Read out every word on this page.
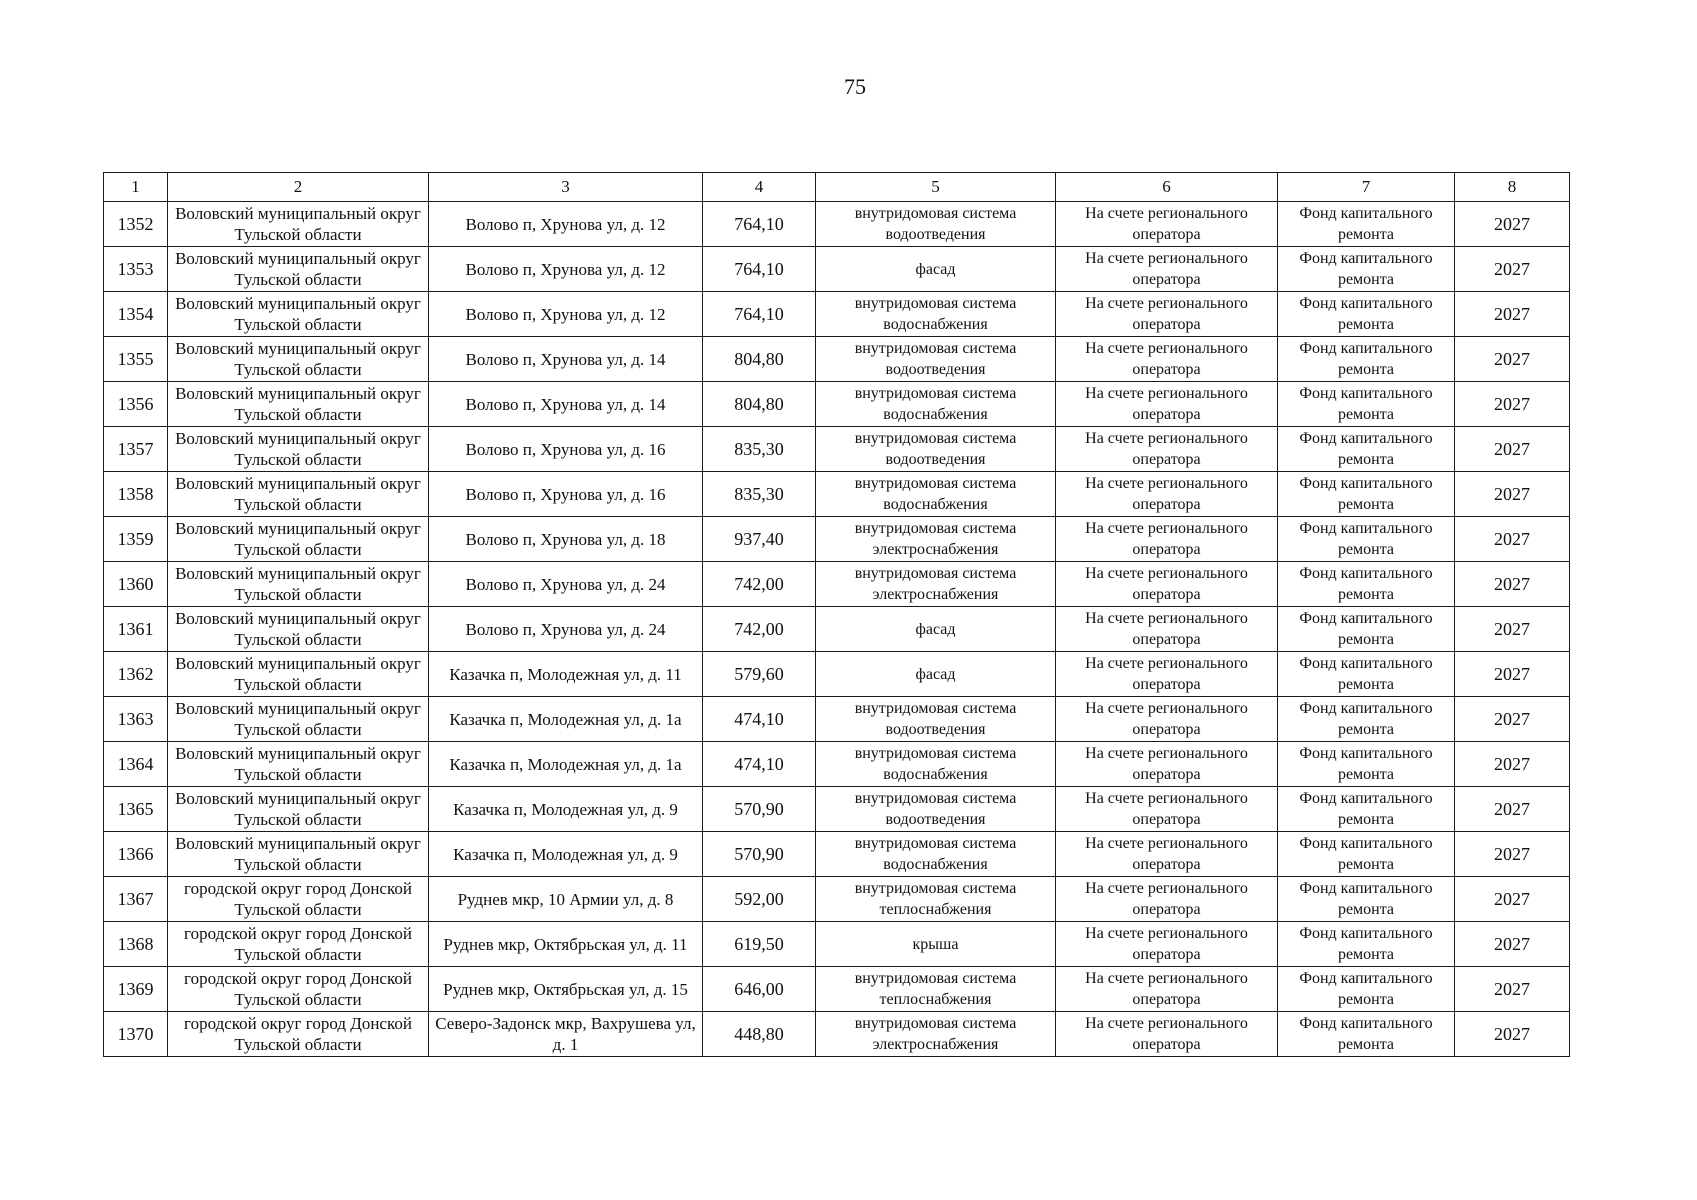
75
1	2	3	4	5	6	7	8
1352	Воловский муниципальный округ Тульской области	Волово п, Хрунова ул, д. 12	764,10	внутридомовая система водоотведения	На счете регионального оператора	Фонд капитального ремонта	2027
1353	Воловский муниципальный округ Тульской области	Волово п, Хрунова ул, д. 12	764,10	фасад	На счете регионального оператора	Фонд капитального ремонта	2027
1354	Воловский муниципальный округ Тульской области	Волово п, Хрунова ул, д. 12	764,10	внутридомовая система водоснабжения	На счете регионального оператора	Фонд капитального ремонта	2027
1355	Воловский муниципальный округ Тульской области	Волово п, Хрунова ул, д. 14	804,80	внутридомовая система водоотведения	На счете регионального оператора	Фонд капитального ремонта	2027
1356	Воловский муниципальный округ Тульской области	Волово п, Хрунова ул, д. 14	804,80	внутридомовая система водоснабжения	На счете регионального оператора	Фонд капитального ремонта	2027
1357	Воловский муниципальный округ Тульской области	Волово п, Хрунова ул, д. 16	835,30	внутридомовая система водоотведения	На счете регионального оператора	Фонд капитального ремонта	2027
1358	Воловский муниципальный округ Тульской области	Волово п, Хрунова ул, д. 16	835,30	внутридомовая система водоснабжения	На счете регионального оператора	Фонд капитального ремонта	2027
1359	Воловский муниципальный округ Тульской области	Волово п, Хрунова ул, д. 18	937,40	внутридомовая система электроснабжения	На счете регионального оператора	Фонд капитального ремонта	2027
1360	Воловский муниципальный округ Тульской области	Волово п, Хрунова ул, д. 24	742,00	внутридомовая система электроснабжения	На счете регионального оператора	Фонд капитального ремонта	2027
1361	Воловский муниципальный округ Тульской области	Волово п, Хрунова ул, д. 24	742,00	фасад	На счете регионального оператора	Фонд капитального ремонта	2027
1362	Воловский муниципальный округ Тульской области	Казачка п, Молодежная ул, д. 11	579,60	фасад	На счете регионального оператора	Фонд капитального ремонта	2027
1363	Воловский муниципальный округ Тульской области	Казачка п, Молодежная ул, д. 1а	474,10	внутридомовая система водоотведения	На счете регионального оператора	Фонд капитального ремонта	2027
1364	Воловский муниципальный округ Тульской области	Казачка п, Молодежная ул, д. 1а	474,10	внутридомовая система водоснабжения	На счете регионального оператора	Фонд капитального ремонта	2027
1365	Воловский муниципальный округ Тульской области	Казачка п, Молодежная ул, д. 9	570,90	внутридомовая система водоотведения	На счете регионального оператора	Фонд капитального ремонта	2027
1366	Воловский муниципальный округ Тульской области	Казачка п, Молодежная ул, д. 9	570,90	внутридомовая система водоснабжения	На счете регионального оператора	Фонд капитального ремонта	2027
1367	городской округ город Донской Тульской области	Руднев мкр, 10 Армии ул, д. 8	592,00	внутридомовая система теплоснабжения	На счете регионального оператора	Фонд капитального ремонта	2027
1368	городской округ город Донской Тульской области	Руднев мкр, Октябрьская ул, д. 11	619,50	крыша	На счете регионального оператора	Фонд капитального ремонта	2027
1369	городской округ город Донской Тульской области	Руднев мкр, Октябрьская ул, д. 15	646,00	внутридомовая система теплоснабжения	На счете регионального оператора	Фонд капитального ремонта	2027
1370	городской округ город Донской Тульской области	Северо-Задонск мкр, Вахрушева ул, д. 1	448,80	внутридомовая система электроснабжения	На счете регионального оператора	Фонд капитального ремонта	2027
